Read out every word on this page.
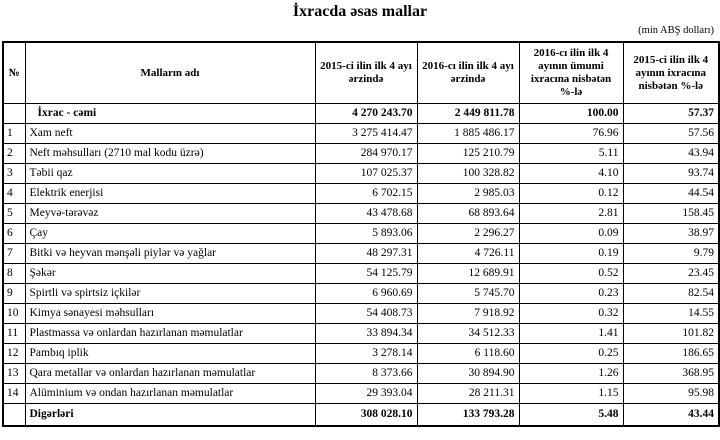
İxracda əsas mallar
(min ABŞ dolları)
№	Malların adı	2015-ci ilin ilk 4 ayı ərzində	2016-cı ilin ilk 4 ayı ərzində	2016-cı ilin ilk 4 ayının ümumi ixracına nisbətən %-lə	2015-ci ilin ilk 4 ayının ixracına nisbətən %-lə
	İxrac - cəmi	4 270 243.70	2 449 811.78	100.00	57.37
1	Xam neft	3 275 414.47	1 885 486.17	76.96	57.56
2	Neft məhsulları (2710 mal kodu üzrə)	284 970.17	125 210.79	5.11	43.94
3	Təbii qaz	107 025.37	100 328.82	4.10	93.74
4	Elektrik enerjisi	6 702.15	2 985.03	0.12	44.54
5	Meyvə-tərəvəz	43 478.68	68 893.64	2.81	158.45
6	Çay	5 893.06	2 296.27	0.09	38.97
7	Bitki və heyvan mənşəli piylər və yağlar	48 297.31	4 726.11	0.19	9.79
8	Şəkər	54 125.79	12 689.91	0.52	23.45
9	Spirtli və spirtsiz içkilər	6 960.69	5 745.70	0.23	82.54
10	Kimya sənayesi məhsulları	54 408.73	7 918.92	0.32	14.55
11	Plastmassa və onlardan hazırlanan məmulatlar	33 894.34	34 512.33	1.41	101.82
12	Pambıq iplik	3 278.14	6 118.60	0.25	186.65
13	Qara metallar və onlardan hazırlanan məmulatlar	8 373.66	30 894.90	1.26	368.95
14	Alüminium və ondan hazırlanan məmulatlar	29 393.04	28 211.31	1.15	95.98
	Digərləri	308 028.10	133 793.28	5.48	43.44
